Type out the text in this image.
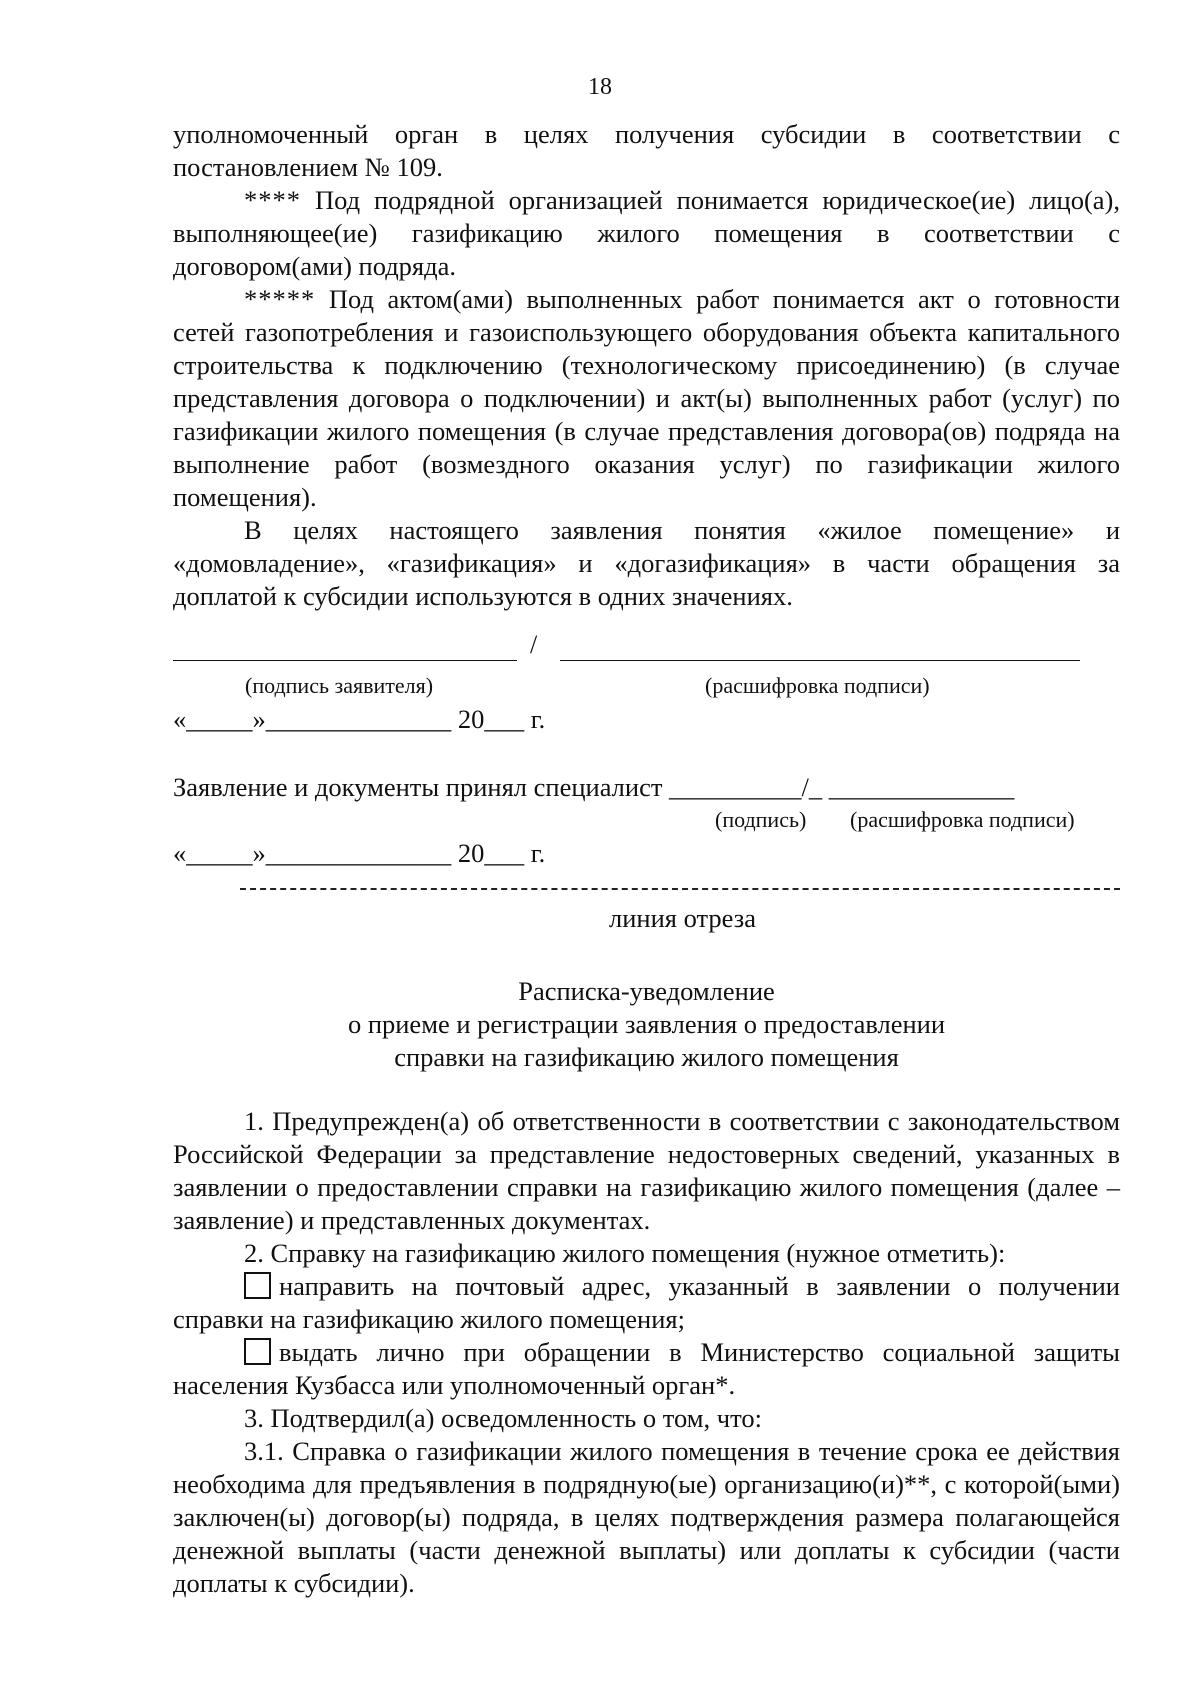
18

уполномоченный орган в целях получения субсидии в соответствии с постановлением № 109.

**** Под подрядной организацией понимается юридическое(ие) лицо(а), выполняющее(ие) газификацию жилого помещения в соответствии с договором(ами) подряда.

***** Под актом(ами) выполненных работ понимается акт о готовности сетей газопотребления и газоиспользующего оборудования объекта капитального строительства к подключению (технологическому присоединению) (в случае представления договора о подключении) и акт(ы) выполненных работ (услуг) по газификации жилого помещения (в случае представления договора(ов) подряда на выполнение работ (возмездного оказания услуг) по газификации жилого помещения).

В целях настоящего заявления понятия «жилое помещение» и «домовладение», «газификация» и «догазификация» в части обращения за доплатой к субсидии используются в одних значениях.

/
(подпись заявителя)	(расшифровка подписи)
«_____»______________ 20___ г.
Заявление и документы принял специалист __________/_ ______________
(подпись) (расшифровка подписи)
«_____»______________ 20___ г.
линия отреза
Расписка-уведомление
о приеме и регистрации заявления о предоставлении
справки на газификацию жилого помещения

1. Предупрежден(а) об ответственности в соответствии с законодательством Российской Федерации за представление недостоверных сведений, указанных в заявлении о предоставлении справки на газификацию жилого помещения (далее – заявление) и представленных документах.

2. Справку на газификацию жилого помещения (нужное отметить):

направить на почтовый адрес, указанный в заявлении о получении справки на газификацию жилого помещения;

выдать лично при обращении в Министерство социальной защиты населения Кузбасса или уполномоченный орган*.

3. Подтвердил(а) осведомленность о том, что:

3.1. Справка о газификации жилого помещения в течение срока ее действия необходима для предъявления в подрядную(ые) организацию(и)**, с которой(ыми) заключен(ы) договор(ы) подряда, в целях подтверждения размера полагающейся денежной выплаты (части денежной выплаты) или доплаты к субсидии (части доплаты к субсидии).
